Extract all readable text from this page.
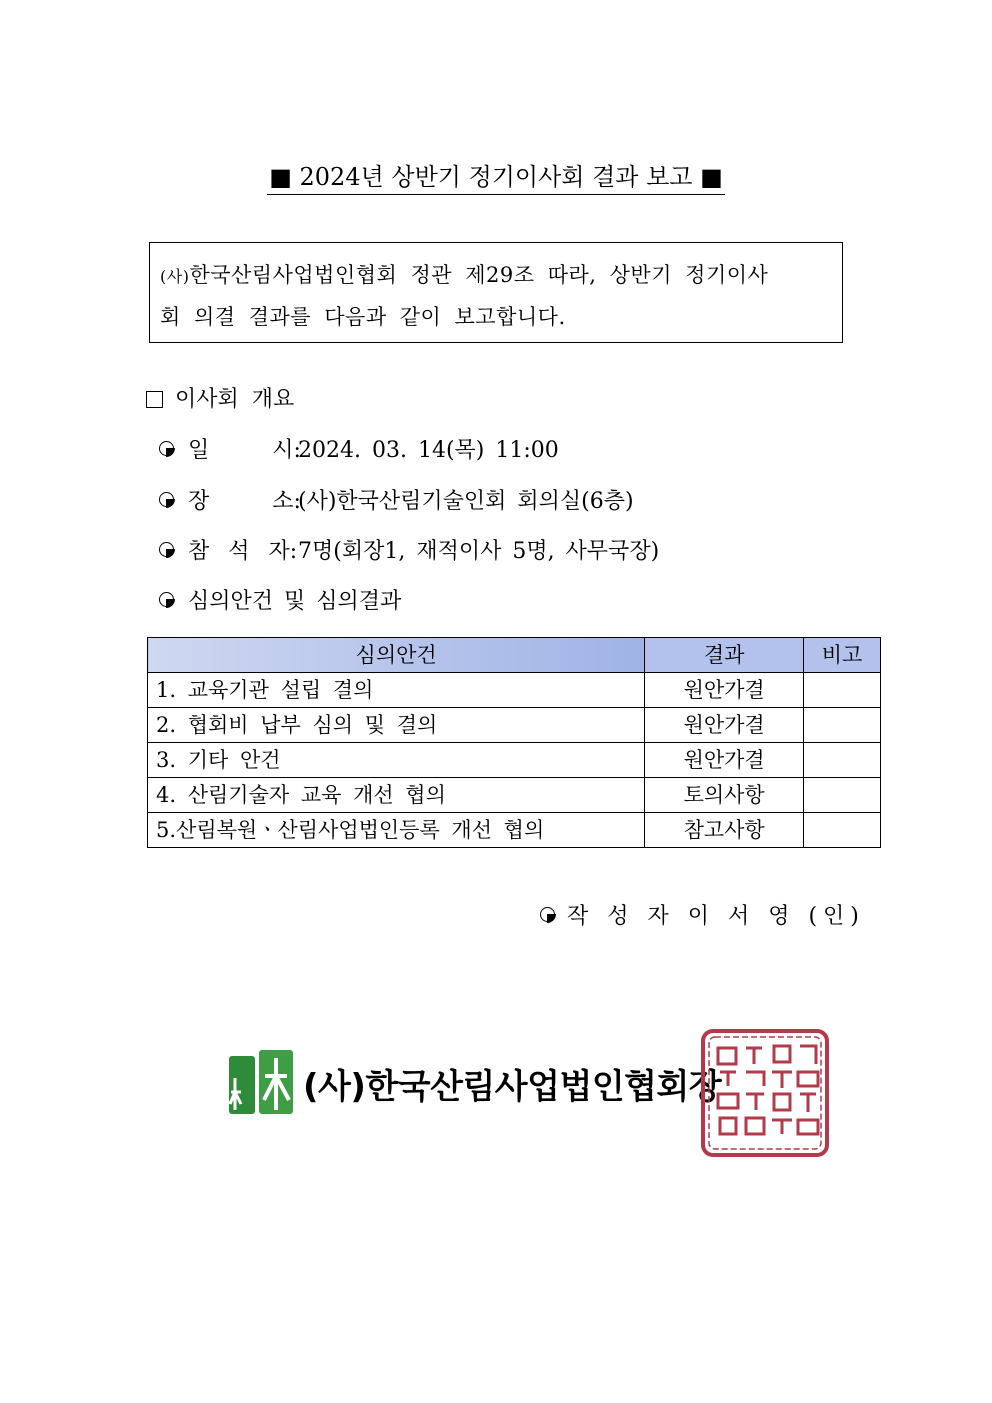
■ 2024년 상반기 정기이사회 결과 보고 ■
(사)한국산림사업법인협회 정관 제29조 따라, 상반기 정기이사
회 의결 결과를 다음과 같이 보고합니다.
이사회 개요
일 시:2024. 03. 14(목) 11:00
장 소:(사)한국산림기술인회 회의실(6층)
참 석 자:7명(회장1, 재적이사 5명, 사무국장)
심의안건 및 심의결과
심의안건	결과	비고
1. 교육기관 설립 결의	원안가결	
2. 협회비 납부 심의 및 결의	원안가결	
3. 기타 안건	원안가결	
4. 산림기술자 교육 개선 협의	토의사항	
5.산림복원ㆍ산림사업법인등록 개선 협의	참고사항	
작 성 자 이 서 영 (인)
(사)한국산림사업법인협회장
